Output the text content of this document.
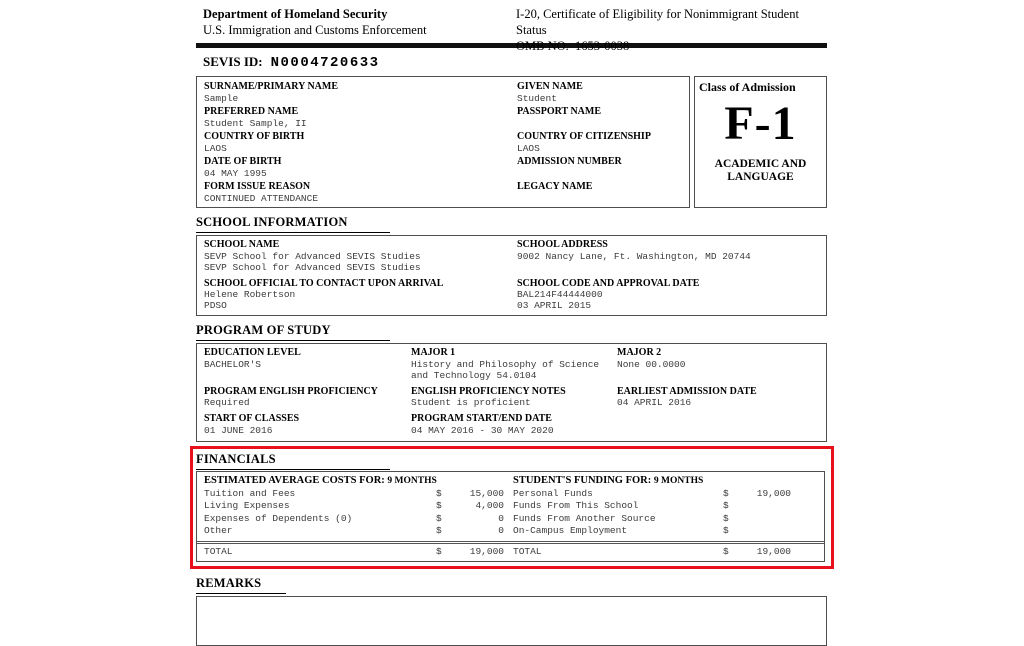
Department of Homeland Security
U.S. Immigration and Customs Enforcement
I-20, Certificate of Eligibility for Nonimmigrant Student Status
OMB NO.  1653-0038
SEVIS ID: N0004720633
SURNAME/PRIMARY NAME
Sample
PREFERRED NAME
Student Sample, II
COUNTRY OF BIRTH
LAOS
DATE OF BIRTH
04 MAY 1995
FORM ISSUE REASON
CONTINUED ATTENDANCE
GIVEN NAME
Student
PASSPORT NAME
COUNTRY OF CITIZENSHIP
LAOS
ADMISSION NUMBER
LEGACY NAME
Class of Admission
F-1
ACADEMIC AND
LANGUAGE
SCHOOL INFORMATION
SCHOOL NAME
SEVP School for Advanced SEVIS Studies
SEVP School for Advanced SEVIS Studies
SCHOOL ADDRESS
9002 Nancy Lane, Ft. Washington, MD 20744
SCHOOL OFFICIAL TO CONTACT UPON ARRIVAL
Helene Robertson
PDSO
SCHOOL CODE AND APPROVAL DATE
BAL214F44444000
03 APRIL 2015
PROGRAM OF STUDY
EDUCATION LEVEL
BACHELOR'S
MAJOR 1
History and Philosophy of Science
and Technology 54.0104
MAJOR 2
None 00.0000
PROGRAM ENGLISH PROFICIENCY
Required
ENGLISH PROFICIENCY NOTES
Student is proficient
EARLIEST ADMISSION DATE
04 APRIL 2016
START OF CLASSES
01 JUNE 2016
PROGRAM START/END DATE
04 MAY 2016 - 30 MAY 2020
FINANCIALS
ESTIMATED AVERAGE COSTS FOR: 9 MONTHS
Tuition and Fees	$	15,000
Living Expenses	$	4,000
Expenses of Dependents (0)	$	0
Other	$	0
STUDENT'S FUNDING FOR: 9 MONTHS
Personal Funds	$	19,000
Funds From This School	$
Funds From Another Source	$
On-Campus Employment	$
TOTAL	$	19,000 TOTAL	$	19,000
REMARKS
